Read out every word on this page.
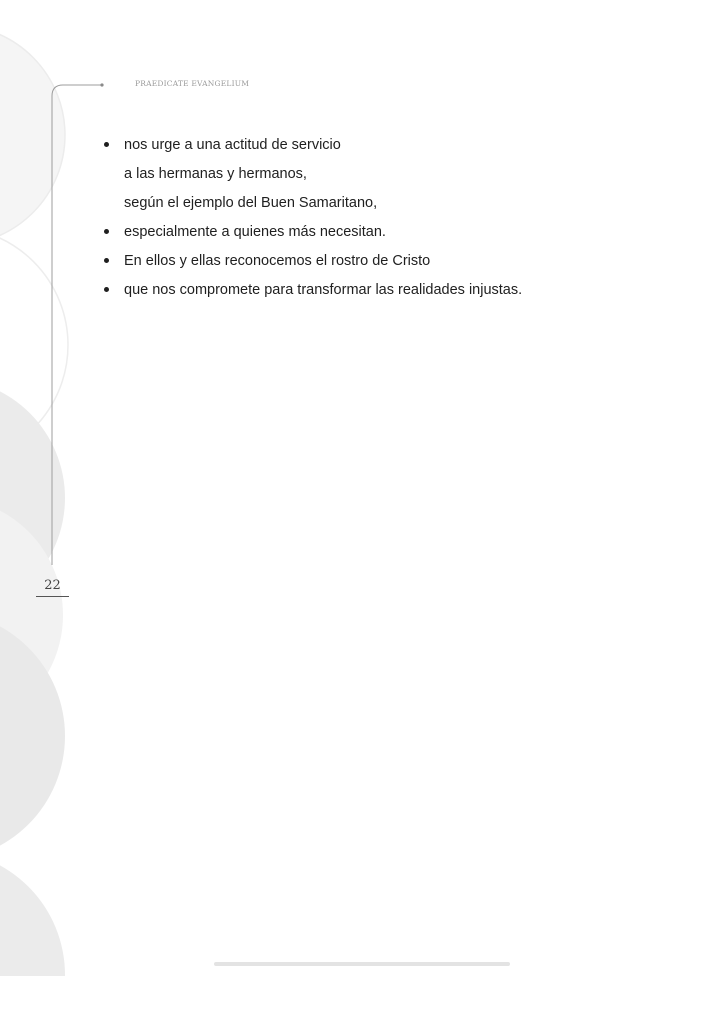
PRAEDICATE EVANGELIUM
22
nos urge a una actitud de servicio
a las hermanas y hermanos,
según el ejemplo del Buen Samaritano,
especialmente a quienes más necesitan.
En ellos y ellas reconocemos el rostro de Cristo
que nos compromete para transformar las realidades injustas.
